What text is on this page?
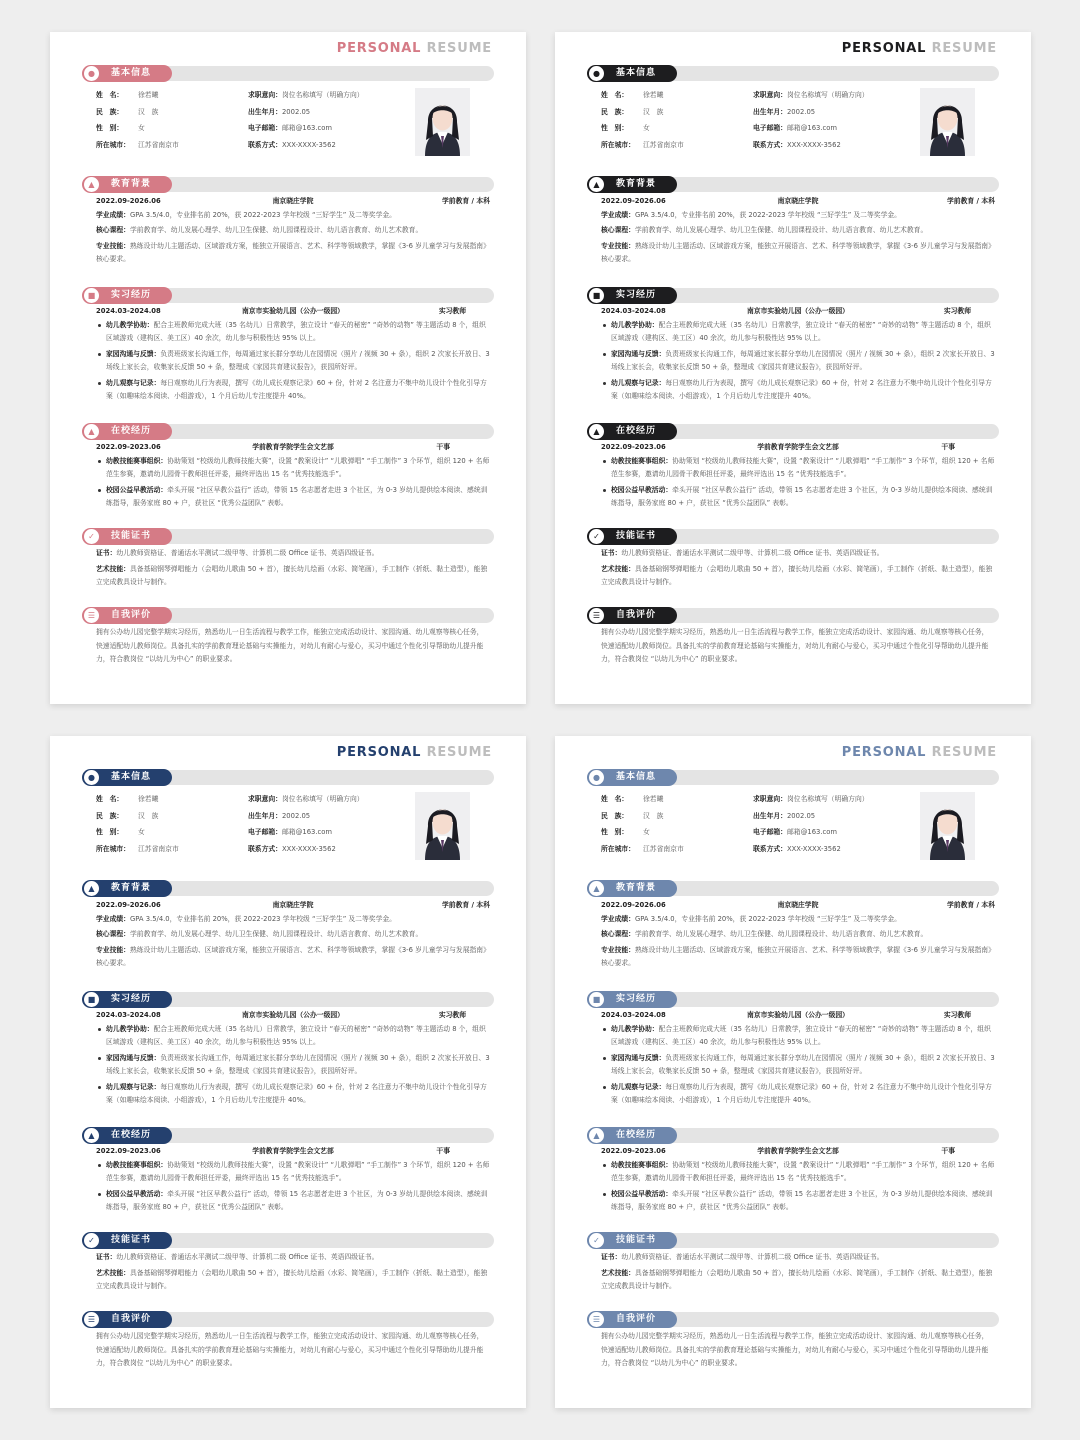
PERSONAL RESUME
●	基本信息
姓　名： 徐若曦
民　族： 汉　族
性　别： 女
所在城市： 江苏省南京市
求职意向：岗位名称填写（明确方向）
出生年月：2002.05
电子邮箱：邮箱@163.com
联系方式：XXX-XXXX-3562
▲	教育背景
2022.09-2026.06	南京晓庄学院	学前教育 / 本科
学业成绩：GPA 3.5/4.0，专业排名前 20%，获 2022-2023 学年校级 “三好学生” 及二等奖学金。
核心课程：学前教育学、幼儿发展心理学、幼儿卫生保健、幼儿园课程设计、幼儿语言教育、幼儿艺术教育。
专业技能：熟练设计幼儿主题活动、区域游戏方案，能独立开展语言、艺术、科学等领域教学，掌握《3-6 岁儿童学习与发展指南》核心要求。
■	实习经历
2024.03-2024.08	南京市实验幼儿园（公办一级园）	实习教师
幼儿教学协助：配合主班教师完成大班（35 名幼儿）日常教学，独立设计 “春天的秘密” “奇妙的动物” 等主题活动 8 个，组织区域游戏（建构区、美工区）40 余次，幼儿参与积极性达 95% 以上。
家园沟通与反馈：负责班级家长沟通工作，每周通过家长群分享幼儿在园情况（照片 / 视频 30 + 条），组织 2 次家长开放日、3 场线上家长会，收集家长反馈 50 + 条，整理成《家园共育建议报告》，获园所好评。
幼儿观察与记录：每日观察幼儿行为表现，撰写《幼儿成长观察记录》60 + 份，针对 2 名注意力不集中幼儿设计个性化引导方案（如趣味绘本阅读、小组游戏），1 个月后幼儿专注度提升 40%。
▲	在校经历
2022.09-2023.06	学前教育学院学生会文艺部	干事
幼教技能赛事组织：协助策划 “校级幼儿教师技能大赛”，设置 “教案设计” “儿歌弹唱” “手工制作” 3 个环节，组织 120 + 名师范生参赛，邀请幼儿园骨干教师担任评委，最终评选出 15 名 “优秀技能选手”。
校园公益早教活动：牵头开展 “社区早教公益行” 活动，带领 15 名志愿者走进 3 个社区，为 0-3 岁幼儿提供绘本阅读、感统训练指导，服务家庭 80 + 户，获社区 “优秀公益团队” 表彰。
✓	技能证书
证书：幼儿教师资格证、普通话水平测试二级甲等、计算机二级 Office 证书、英语四级证书。
艺术技能：具备基础钢琴弹唱能力（会唱幼儿歌曲 50 + 首），擅长幼儿绘画（水彩、简笔画），手工制作（折纸、黏土造型），能独立完成教具设计与制作。
☰	自我评价
拥有公办幼儿园完整学期实习经历，熟悉幼儿一日生活流程与教学工作，能独立完成活动设计、家园沟通、幼儿观察等核心任务，快速适配幼儿教师岗位。具备扎实的学前教育理论基础与实操能力，对幼儿有耐心与爱心，买习中通过个性化引导帮助幼儿提升能力，符合教岗位 “以幼儿为中心” 的职业要求。
PERSONAL RESUME
●	基本信息
姓　名： 徐若曦
民　族： 汉　族
性　别： 女
所在城市： 江苏省南京市
求职意向：岗位名称填写（明确方向）
出生年月：2002.05
电子邮箱：邮箱@163.com
联系方式：XXX-XXXX-3562
▲	教育背景
2022.09-2026.06	南京晓庄学院	学前教育 / 本科
学业成绩：GPA 3.5/4.0，专业排名前 20%，获 2022-2023 学年校级 “三好学生” 及二等奖学金。
核心课程：学前教育学、幼儿发展心理学、幼儿卫生保健、幼儿园课程设计、幼儿语言教育、幼儿艺术教育。
专业技能：熟练设计幼儿主题活动、区域游戏方案，能独立开展语言、艺术、科学等领域教学，掌握《3-6 岁儿童学习与发展指南》核心要求。
■	实习经历
2024.03-2024.08	南京市实验幼儿园（公办一级园）	实习教师
幼儿教学协助：配合主班教师完成大班（35 名幼儿）日常教学，独立设计 “春天的秘密” “奇妙的动物” 等主题活动 8 个，组织区域游戏（建构区、美工区）40 余次，幼儿参与积极性达 95% 以上。
家园沟通与反馈：负责班级家长沟通工作，每周通过家长群分享幼儿在园情况（照片 / 视频 30 + 条），组织 2 次家长开放日、3 场线上家长会，收集家长反馈 50 + 条，整理成《家园共育建议报告》，获园所好评。
幼儿观察与记录：每日观察幼儿行为表现，撰写《幼儿成长观察记录》60 + 份，针对 2 名注意力不集中幼儿设计个性化引导方案（如趣味绘本阅读、小组游戏），1 个月后幼儿专注度提升 40%。
▲	在校经历
2022.09-2023.06	学前教育学院学生会文艺部	干事
幼教技能赛事组织：协助策划 “校级幼儿教师技能大赛”，设置 “教案设计” “儿歌弹唱” “手工制作” 3 个环节，组织 120 + 名师范生参赛，邀请幼儿园骨干教师担任评委，最终评选出 15 名 “优秀技能选手”。
校园公益早教活动：牵头开展 “社区早教公益行” 活动，带领 15 名志愿者走进 3 个社区，为 0-3 岁幼儿提供绘本阅读、感统训练指导，服务家庭 80 + 户，获社区 “优秀公益团队” 表彰。
✓	技能证书
证书：幼儿教师资格证、普通话水平测试二级甲等、计算机二级 Office 证书、英语四级证书。
艺术技能：具备基础钢琴弹唱能力（会唱幼儿歌曲 50 + 首），擅长幼儿绘画（水彩、简笔画），手工制作（折纸、黏土造型），能独立完成教具设计与制作。
☰	自我评价
拥有公办幼儿园完整学期实习经历，熟悉幼儿一日生活流程与教学工作，能独立完成活动设计、家园沟通、幼儿观察等核心任务，快速适配幼儿教师岗位。具备扎实的学前教育理论基础与实操能力，对幼儿有耐心与爱心，买习中通过个性化引导帮助幼儿提升能力，符合教岗位 “以幼儿为中心” 的职业要求。
PERSONAL RESUME
●	基本信息
姓　名： 徐若曦
民　族： 汉　族
性　别： 女
所在城市： 江苏省南京市
求职意向：岗位名称填写（明确方向）
出生年月：2002.05
电子邮箱：邮箱@163.com
联系方式：XXX-XXXX-3562
▲	教育背景
2022.09-2026.06	南京晓庄学院	学前教育 / 本科
学业成绩：GPA 3.5/4.0，专业排名前 20%，获 2022-2023 学年校级 “三好学生” 及二等奖学金。
核心课程：学前教育学、幼儿发展心理学、幼儿卫生保健、幼儿园课程设计、幼儿语言教育、幼儿艺术教育。
专业技能：熟练设计幼儿主题活动、区域游戏方案，能独立开展语言、艺术、科学等领域教学，掌握《3-6 岁儿童学习与发展指南》核心要求。
■	实习经历
2024.03-2024.08	南京市实验幼儿园（公办一级园）	实习教师
幼儿教学协助：配合主班教师完成大班（35 名幼儿）日常教学，独立设计 “春天的秘密” “奇妙的动物” 等主题活动 8 个，组织区域游戏（建构区、美工区）40 余次，幼儿参与积极性达 95% 以上。
家园沟通与反馈：负责班级家长沟通工作，每周通过家长群分享幼儿在园情况（照片 / 视频 30 + 条），组织 2 次家长开放日、3 场线上家长会，收集家长反馈 50 + 条，整理成《家园共育建议报告》，获园所好评。
幼儿观察与记录：每日观察幼儿行为表现，撰写《幼儿成长观察记录》60 + 份，针对 2 名注意力不集中幼儿设计个性化引导方案（如趣味绘本阅读、小组游戏），1 个月后幼儿专注度提升 40%。
▲	在校经历
2022.09-2023.06	学前教育学院学生会文艺部	干事
幼教技能赛事组织：协助策划 “校级幼儿教师技能大赛”，设置 “教案设计” “儿歌弹唱” “手工制作” 3 个环节，组织 120 + 名师范生参赛，邀请幼儿园骨干教师担任评委，最终评选出 15 名 “优秀技能选手”。
校园公益早教活动：牵头开展 “社区早教公益行” 活动，带领 15 名志愿者走进 3 个社区，为 0-3 岁幼儿提供绘本阅读、感统训练指导，服务家庭 80 + 户，获社区 “优秀公益团队” 表彰。
✓	技能证书
证书：幼儿教师资格证、普通话水平测试二级甲等、计算机二级 Office 证书、英语四级证书。
艺术技能：具备基础钢琴弹唱能力（会唱幼儿歌曲 50 + 首），擅长幼儿绘画（水彩、简笔画），手工制作（折纸、黏土造型），能独立完成教具设计与制作。
☰	自我评价
拥有公办幼儿园完整学期实习经历，熟悉幼儿一日生活流程与教学工作，能独立完成活动设计、家园沟通、幼儿观察等核心任务，快速适配幼儿教师岗位。具备扎实的学前教育理论基础与实操能力，对幼儿有耐心与爱心，买习中通过个性化引导帮助幼儿提升能力，符合教岗位 “以幼儿为中心” 的职业要求。
PERSONAL RESUME
●	基本信息
姓　名： 徐若曦
民　族： 汉　族
性　别： 女
所在城市： 江苏省南京市
求职意向：岗位名称填写（明确方向）
出生年月：2002.05
电子邮箱：邮箱@163.com
联系方式：XXX-XXXX-3562
▲	教育背景
2022.09-2026.06	南京晓庄学院	学前教育 / 本科
学业成绩：GPA 3.5/4.0，专业排名前 20%，获 2022-2023 学年校级 “三好学生” 及二等奖学金。
核心课程：学前教育学、幼儿发展心理学、幼儿卫生保健、幼儿园课程设计、幼儿语言教育、幼儿艺术教育。
专业技能：熟练设计幼儿主题活动、区域游戏方案，能独立开展语言、艺术、科学等领域教学，掌握《3-6 岁儿童学习与发展指南》核心要求。
■	实习经历
2024.03-2024.08	南京市实验幼儿园（公办一级园）	实习教师
幼儿教学协助：配合主班教师完成大班（35 名幼儿）日常教学，独立设计 “春天的秘密” “奇妙的动物” 等主题活动 8 个，组织区域游戏（建构区、美工区）40 余次，幼儿参与积极性达 95% 以上。
家园沟通与反馈：负责班级家长沟通工作，每周通过家长群分享幼儿在园情况（照片 / 视频 30 + 条），组织 2 次家长开放日、3 场线上家长会，收集家长反馈 50 + 条，整理成《家园共育建议报告》，获园所好评。
幼儿观察与记录：每日观察幼儿行为表现，撰写《幼儿成长观察记录》60 + 份，针对 2 名注意力不集中幼儿设计个性化引导方案（如趣味绘本阅读、小组游戏），1 个月后幼儿专注度提升 40%。
▲	在校经历
2022.09-2023.06	学前教育学院学生会文艺部	干事
幼教技能赛事组织：协助策划 “校级幼儿教师技能大赛”，设置 “教案设计” “儿歌弹唱” “手工制作” 3 个环节，组织 120 + 名师范生参赛，邀请幼儿园骨干教师担任评委，最终评选出 15 名 “优秀技能选手”。
校园公益早教活动：牵头开展 “社区早教公益行” 活动，带领 15 名志愿者走进 3 个社区，为 0-3 岁幼儿提供绘本阅读、感统训练指导，服务家庭 80 + 户，获社区 “优秀公益团队” 表彰。
✓	技能证书
证书：幼儿教师资格证、普通话水平测试二级甲等、计算机二级 Office 证书、英语四级证书。
艺术技能：具备基础钢琴弹唱能力（会唱幼儿歌曲 50 + 首），擅长幼儿绘画（水彩、简笔画），手工制作（折纸、黏土造型），能独立完成教具设计与制作。
☰	自我评价
拥有公办幼儿园完整学期实习经历，熟悉幼儿一日生活流程与教学工作，能独立完成活动设计、家园沟通、幼儿观察等核心任务，快速适配幼儿教师岗位。具备扎实的学前教育理论基础与实操能力，对幼儿有耐心与爱心，买习中通过个性化引导帮助幼儿提升能力，符合教岗位 “以幼儿为中心” 的职业要求。
